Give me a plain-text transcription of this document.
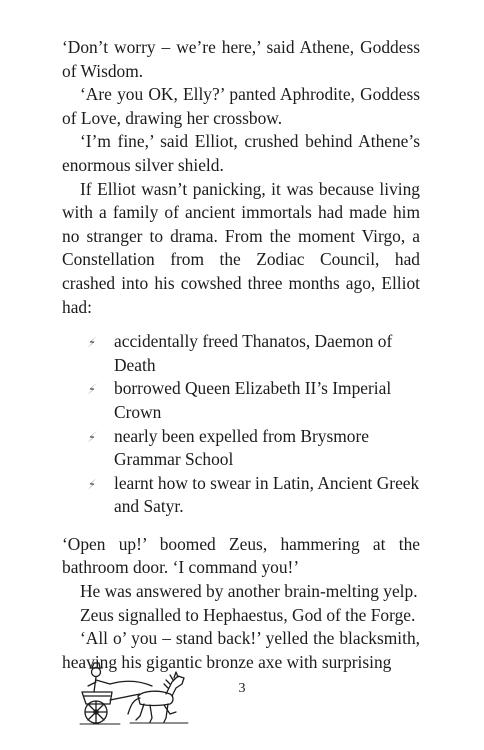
‘Don’t worry – we’re here,’ said Athene, Goddess of Wisdom.

‘Are you OK, Elly?’ panted Aphrodite, Goddess of Love, drawing her crossbow.

‘I’m fine,’ said Elliot, crushed behind Athene’s enormous silver shield.

If Elliot wasn’t panicking, it was because living with a family of ancient immortals had made him no stranger to drama. From the moment Virgo, a Constellation from the Zodiac Council, had crashed into his cowshed three months ago, Elliot had:

accidentally freed Thanatos, Daemon of Death
borrowed Queen Elizabeth II’s Imperial Crown
nearly been expelled from Brysmore Grammar School
learnt how to swear in Latin, Ancient Greek and Satyr.

‘Open up!’ boomed Zeus, hammering at the bathroom door. ‘I command you!’

He was answered by another brain-melting yelp.

Zeus signalled to Hephaestus, God of the Forge.

‘All o’ you – stand back!’ yelled the blacksmith, heaving his gigantic bronze axe with surprising

3
